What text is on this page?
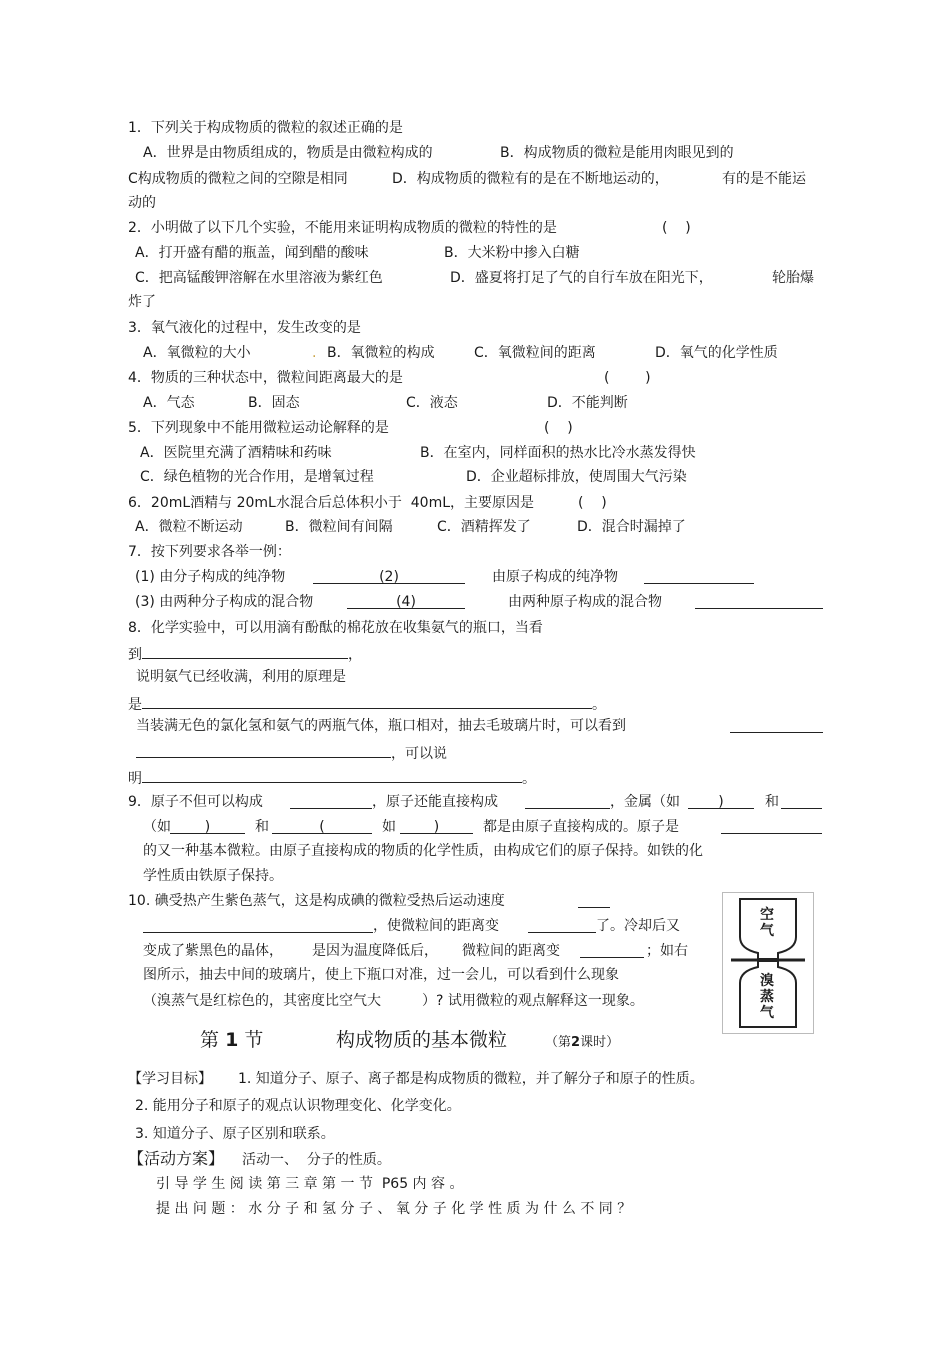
1．下列关于构成物质的微粒的叙述正确的是
A．世界是由物质组成的，物质是由微粒构成的	B．构成物质的微粒是能用肉眼见到的
C构成物质的微粒之间的空隙是相同	D．构成物质的微粒有的是在不断地运动的，	有的是不能运
动的
2．小明做了以下几个实验，不能用来证明构成物质的微粒的特性的是	(    )
A．打开盛有醋的瓶盖，闻到醋的酸味	B．大米粉中掺入白糖
C．把高锰酸钾溶解在水里溶液为紫红色	D．盛夏将打足了气的自行车放在阳光下，	轮胎爆
炸了
3．氧气液化的过程中，发生改变的是
A．氧微粒的大小	. B．氧微粒的构成	C．氧微粒间的距离	D．氧气的化学性质
4．物质的三种状态中，微粒间距离最大的是	(        )
A．气态	B．固态	C．液态	D．不能判断
5．下列现象中不能用微粒运动论解释的是	(    )
A．医院里充满了酒精味和药味	B．在室内，同样面积的热水比冷水蒸发得快
C．绿色植物的光合作用，是增氧过程	D．企业超标排放，使周围大气污染
6．20mL酒精与 20mL水混合后总体积小于  40mL，主要原因是	(    )
A．微粒不断运动	B．微粒间有间隔	C．酒精挥发了	D．混合时漏掉了
7．按下列要求各举一例：
(1) 由分子构成的纯净物	(2)	由原子构成的纯净物
(3) 由两种分子构成的混合物	(4)	由两种原子构成的混合物
8．化学实验中，可以用滴有酚酞的棉花放在收集氨气的瓶口，当看
到	，
说明氨气已经收满，利用的原理是
是	。
当装满无色的氯化氢和氨气的两瓶气体，瓶口相对，抽去毛玻璃片时，可以看到
，可以说
明	。
9．原子不但可以构成	，原子还能直接构成	，金属（如	)	和
（如	)	和	(	如	)	都是由原子直接构成的。原子是
的又一种基本微粒。由原子直接构成的物质的化学性质，由构成它们的原子保持。如铁的化
学性质由铁原子保持。
10. 碘受热产生紫色蒸气，这是构成碘的微粒受热后运动速度
，使微粒间的距离变	了。冷却后又
变成了紫黑色的晶体， 是因为温度降低后， 微粒间的距离变	；如右
图所示，抽去中间的玻璃片，使上下瓶口对准，过一会儿，可以看到什么现象
（溴蒸气是红棕色的，其密度比空气大	）? 试用微粒的观点解释这一现象。
空气
溴蒸气
第 1 节	构成物质的基本微粒	（第2课时）
【学习目标】 1. 知道分子、原子、离子都是构成物质的微粒，并了解分子和原子的性质。
2. 能用分子和原子的观点认识物理变化、化学变化。
3. 知道分子、原子区别和联系。
【活动方案】 活动一、  分子的性质。
引 导 学 生 阅 读 第 三 章 第 一 节  P65 内 容 。
提 出 问 题 ： 水 分 子 和 氢 分 子 、 氧 分 子 化 学 性 质 为 什 么 不 同 ？
